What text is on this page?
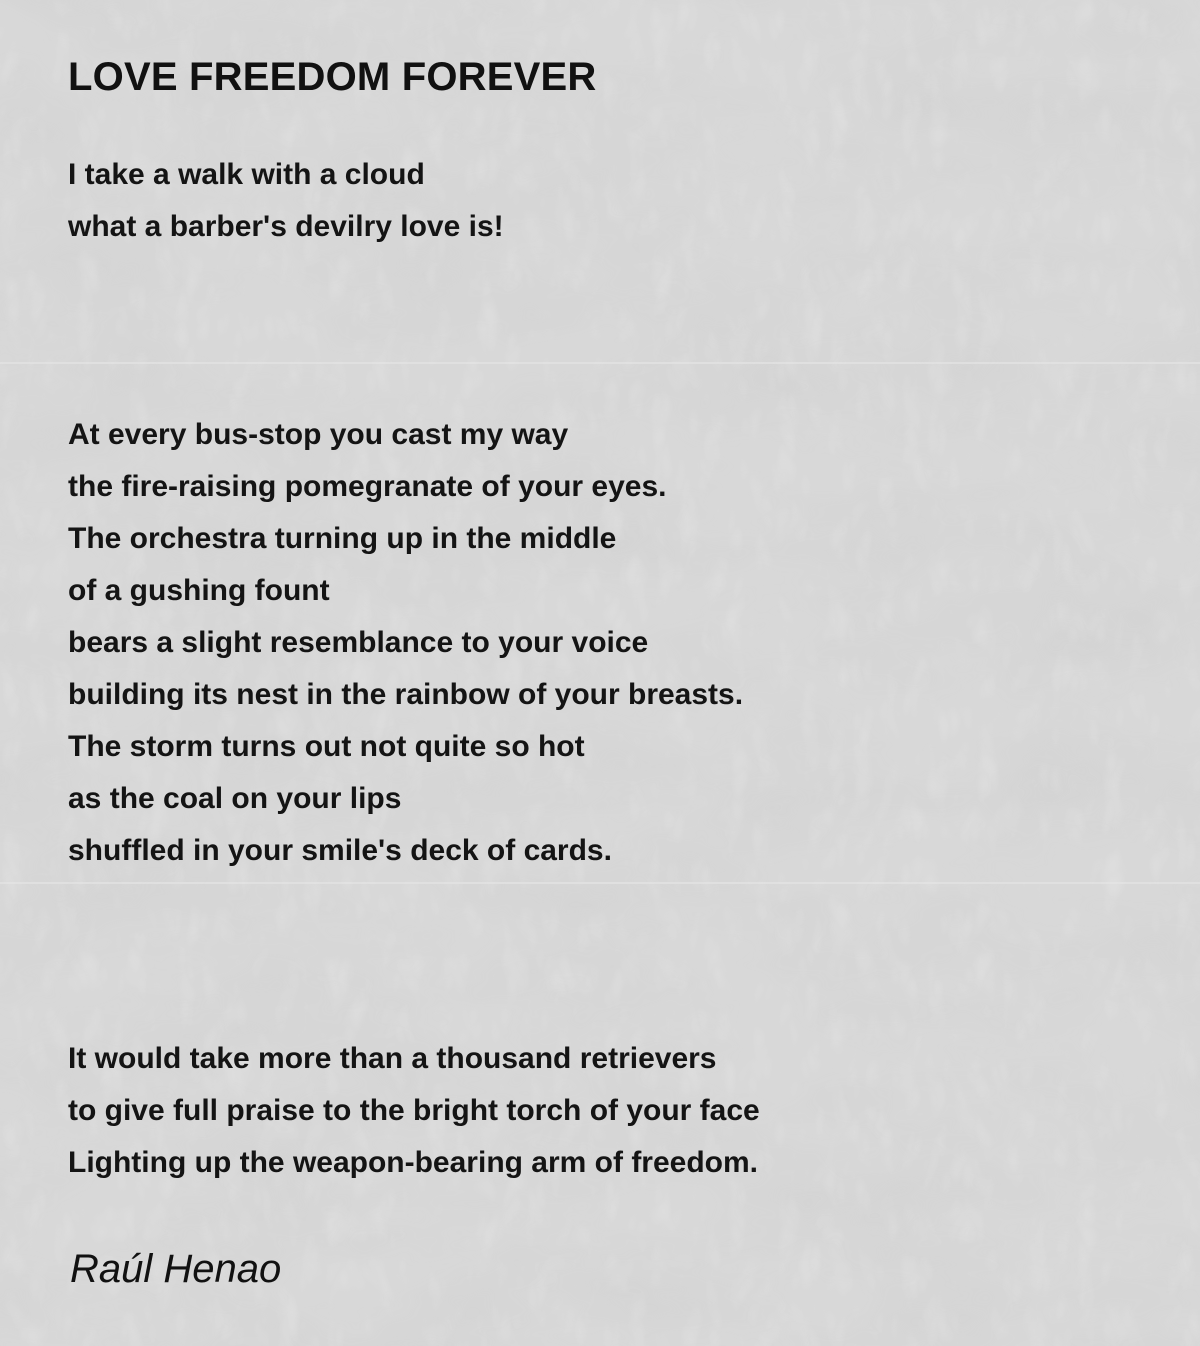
LOVE FREEDOM FOREVER
I take a walk with a cloud
what a barber's devilry love is!
At every bus-stop you cast my way
the fire-raising pomegranate of your eyes.
The orchestra turning up in the middle
of a gushing fount
bears a slight resemblance to your voice
building its nest in the rainbow of your breasts.
The storm turns out not quite so hot
as the coal on your lips
shuffled in your smile's deck of cards.
It would take more than a thousand retrievers
to give full praise to the bright torch of your face
Lighting up the weapon-bearing arm of freedom.
Raúl Henao
